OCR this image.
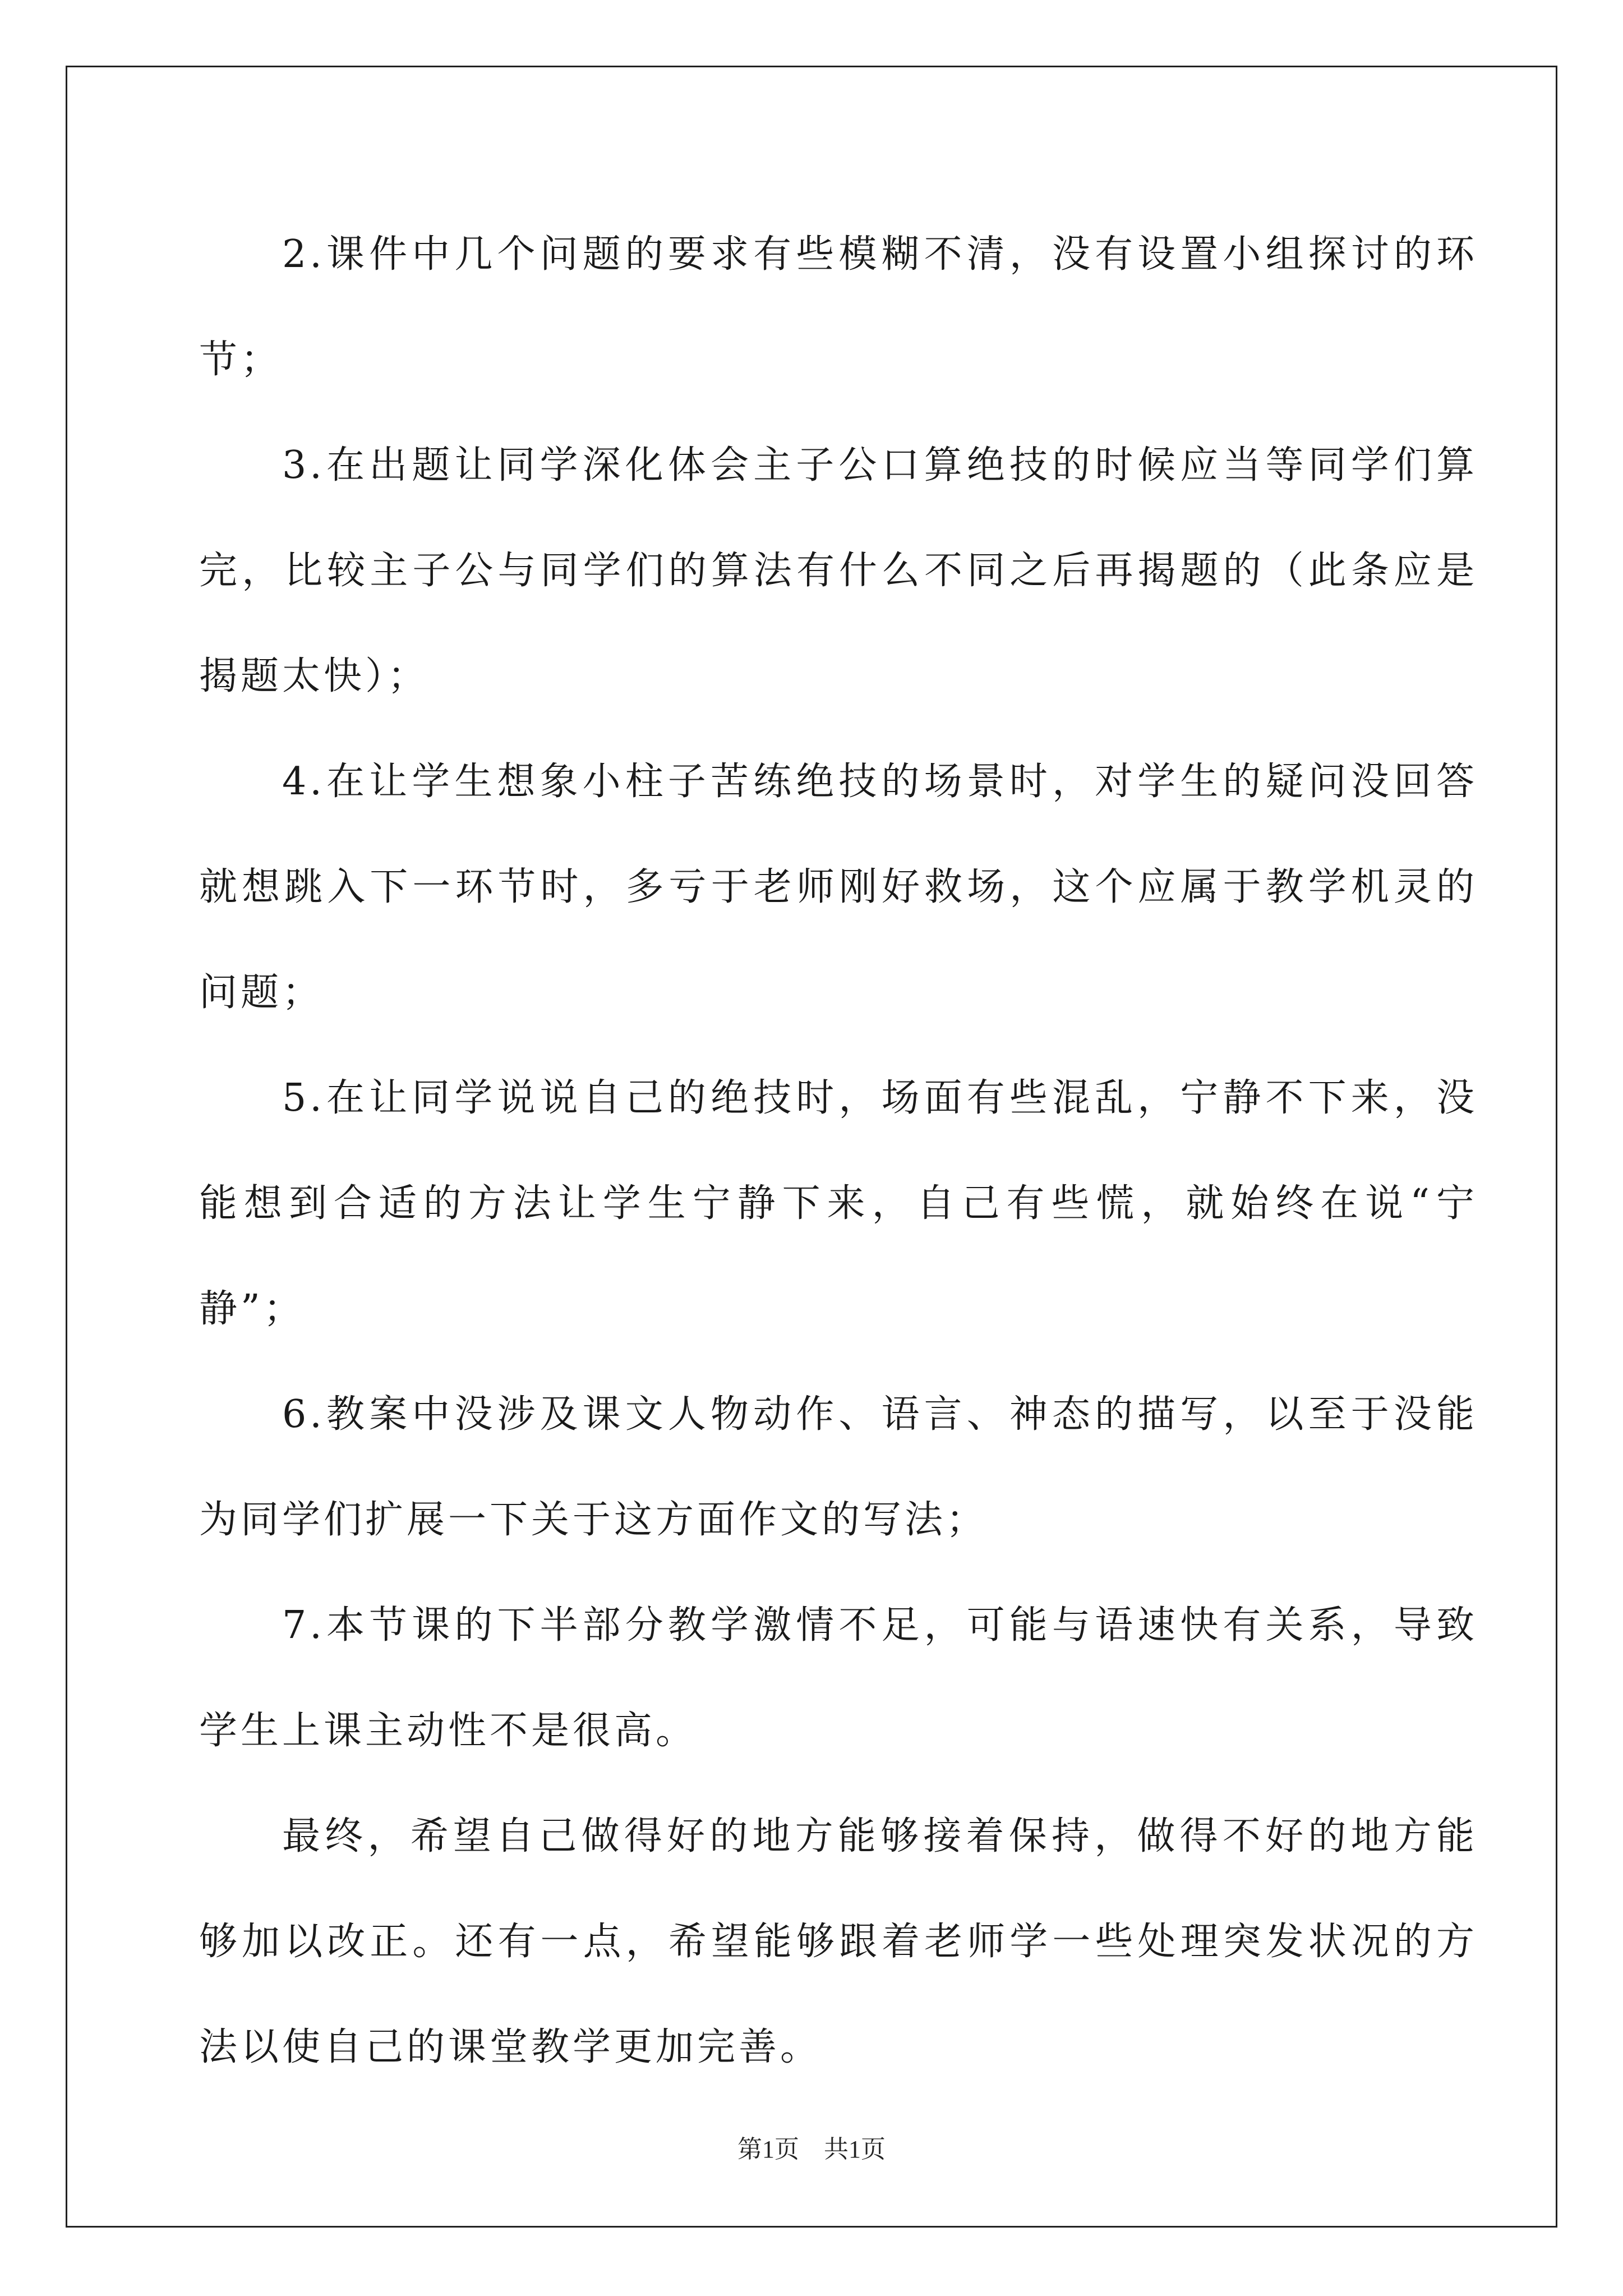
2.课件中几个问题的要求有些模糊不清，没有设置小组探讨的环节；

3.在出题让同学深化体会主子公口算绝技的时候应当等同学们算完，比较主子公与同学们的算法有什么不同之后再揭题的（此条应是揭题太快）；

4.在让学生想象小柱子苦练绝技的场景时，对学生的疑问没回答就想跳入下一环节时，多亏于老师刚好救场，这个应属于教学机灵的问题；

5.在让同学说说自己的绝技时，场面有些混乱，宁静不下来，没能想到合适的方法让学生宁静下来，自己有些慌，就始终在说“宁静”；

6.教案中没涉及课文人物动作、语言、神态的描写，以至于没能为同学们扩展一下关于这方面作文的写法；

7.本节课的下半部分教学激情不足，可能与语速快有关系，导致学生上课主动性不是很高。

最终，希望自己做得好的地方能够接着保持，做得不好的地方能够加以改正。还有一点，希望能够跟着老师学一些处理突发状况的方法以使自己的课堂教学更加完善。

第1页 共1页
